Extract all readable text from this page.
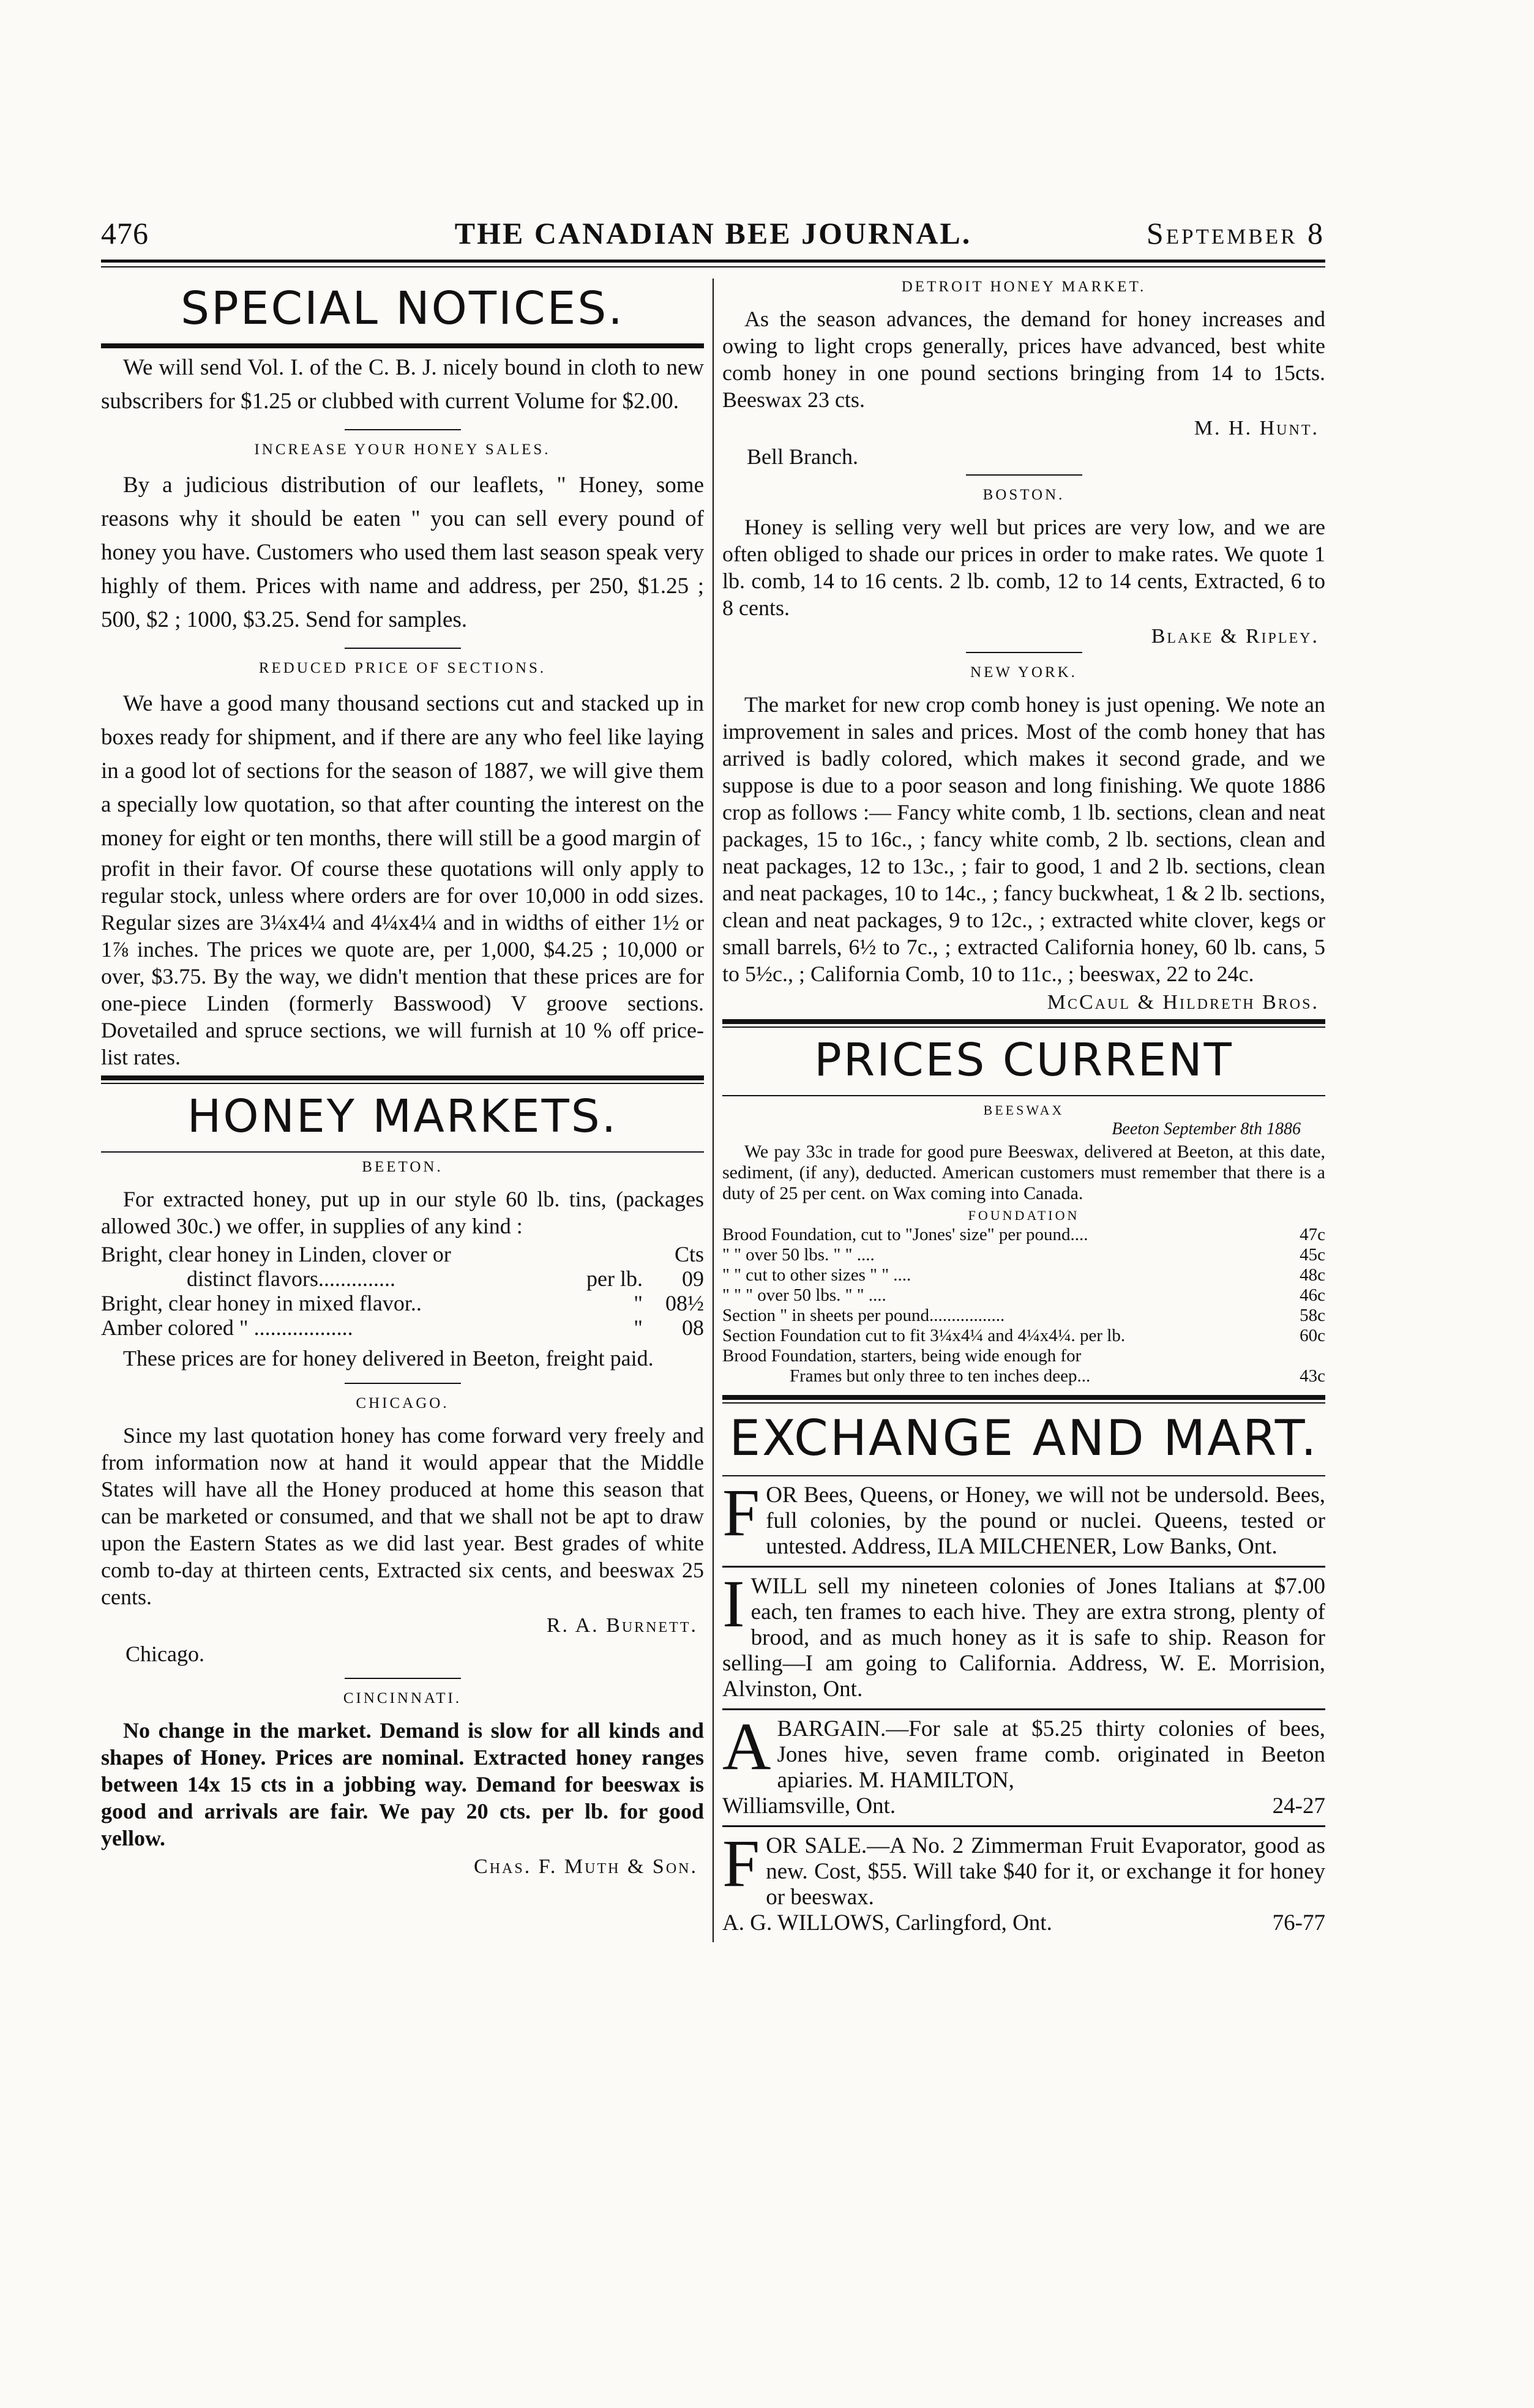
476	THE CANADIAN BEE JOURNAL.	September 8
SPECIAL NOTICES.

We will send Vol. I. of the C. B. J. nicely bound in cloth to new subscribers for $1.25 or clubbed with current Volume for $2.00.

INCREASE YOUR HONEY SALES.

By a judicious distribution of our leaflets, " Honey, some reasons why it should be eaten " you can sell every pound of honey you have. Customers who used them last season speak very highly of them. Prices with name and address, per 250, $1.25 ; 500, $2 ; 1000, $3.25. Send for samples.

REDUCED PRICE OF SECTIONS.

We have a good many thousand sections cut and stacked up in boxes ready for shipment, and if there are any who feel like laying in a good lot of sections for the season of 1887, we will give them a specially low quotation, so that after counting the interest on the money for eight or ten months, there will still be a good margin of

profit in their favor. Of course these quotations will only apply to regular stock, unless where orders are for over 10,000 in odd sizes. Regular sizes are 3¼x4¼ and 4¼x4¼ and in widths of either 1½ or 1⅞ inches. The prices we quote are, per 1,000, $4.25 ; 10,000 or over, $3.75. By the way, we didn't mention that these prices are for one-piece Linden (formerly Basswood) V groove sections. Dovetailed and spruce sections, we will furnish at 10 % off price-list rates.

HONEY MARKETS.
BEETON.

For extracted honey, put up in our style 60 lb. tins, (packages allowed 30c.) we offer, in supplies of any kind :

Bright, clear honey in Linden, clover or		Cts
distinct flavors..............	per lb.	09
Bright, clear honey in mixed flavor..	"	08½
Amber colored " ..................	"	08

These prices are for honey delivered in Beeton, freight paid.

CHICAGO.

Since my last quotation honey has come forward very freely and from information now at hand it would appear that the Middle States will have all the Honey produced at home this season that can be marketed or consumed, and that we shall not be apt to draw upon the Eastern States as we did last year. Best grades of white comb to-day at thirteen cents, Extracted six cents, and beeswax 25 cents.

R. A. Burnett.
Chicago.
CINCINNATI.

No change in the market. Demand is slow for all kinds and shapes of Honey. Prices are nominal. Extracted honey ranges between 14x 15 cts in a jobbing way. Demand for beeswax is good and arrivals are fair. We pay 20 cts. per lb. for good yellow.

Chas. F. Muth & Son.
DETROIT HONEY MARKET.

As the season advances, the demand for honey increases and owing to light crops generally, prices have advanced, best white comb honey in one pound sections bringing from 14 to 15cts. Beeswax 23 cts.

M. H. Hunt.
Bell Branch.
BOSTON.

Honey is selling very well but prices are very low, and we are often obliged to shade our prices in order to make rates. We quote 1 lb. comb, 14 to 16 cents. 2 lb. comb, 12 to 14 cents, Extracted, 6 to 8 cents.

Blake & Ripley.
NEW YORK.

The market for new crop comb honey is just opening. We note an improvement in sales and prices. Most of the comb honey that has arrived is badly colored, which makes it second grade, and we suppose is due to a poor season and long finishing. We quote 1886 crop as follows :— Fancy white comb, 1 lb. sections, clean and neat packages, 15 to 16c., ; fancy white comb, 2 lb. sections, clean and neat packages, 12 to 13c., ; fair to good, 1 and 2 lb. sections, clean and neat packages, 10 to 14c., ; fancy buckwheat, 1 & 2 lb. sections, clean and neat packages, 9 to 12c., ; extracted white clover, kegs or small barrels, 6½ to 7c., ; extracted California honey, 60 lb. cans, 5 to 5½c., ; California Comb, 10 to 11c., ; beeswax, 22 to 24c.

McCaul & Hildreth Bros.
PRICES CURRENT
BEESWAX
Beeton September 8th 1886

We pay 33c in trade for good pure Beeswax, delivered at Beeton, at this date, sediment, (if any), deducted. American customers must remember that there is a duty of 25 per cent. on Wax coming into Canada.

FOUNDATION
Brood Foundation, cut to "Jones' size" per pound....	47c
" " over 50 lbs. " " ....	45c
" " cut to other sizes " " ....	48c
" " " over 50 lbs. " " ....	46c
Section " in sheets per pound.................	58c
Section Foundation cut to fit 3¼x4¼ and 4¼x4¼. per lb.	60c
Brood Foundation, starters, being wide enough for	
Frames but only three to ten inches deep...	43c
EXCHANGE AND MART.
F OR Bees, Queens, or Honey, we will not be undersold. Bees, full colonies, by the pound or nuclei. Queens, tested or untested. Address, ILA MILCHENER, Low Banks, Ont.
I WILL sell my nineteen colonies of Jones Italians at $7.00 each, ten frames to each hive. They are extra strong, plenty of brood, and as much honey as it is safe to ship. Reason for selling—I am going to California. Address, W. E. Morrision, Alvinston, Ont.
A BARGAIN.—For sale at $5.25 thirty colonies of bees, Jones hive, seven frame comb. originated in Beeton apiaries. M. HAMILTON,
Williamsville, Ont.	24-27
F OR SALE.—A No. 2 Zimmerman Fruit Evaporator, good as new. Cost, $55. Will take $40 for it, or exchange it for honey or beeswax.
A. G. WILLOWS, Carlingford, Ont.	76-77
